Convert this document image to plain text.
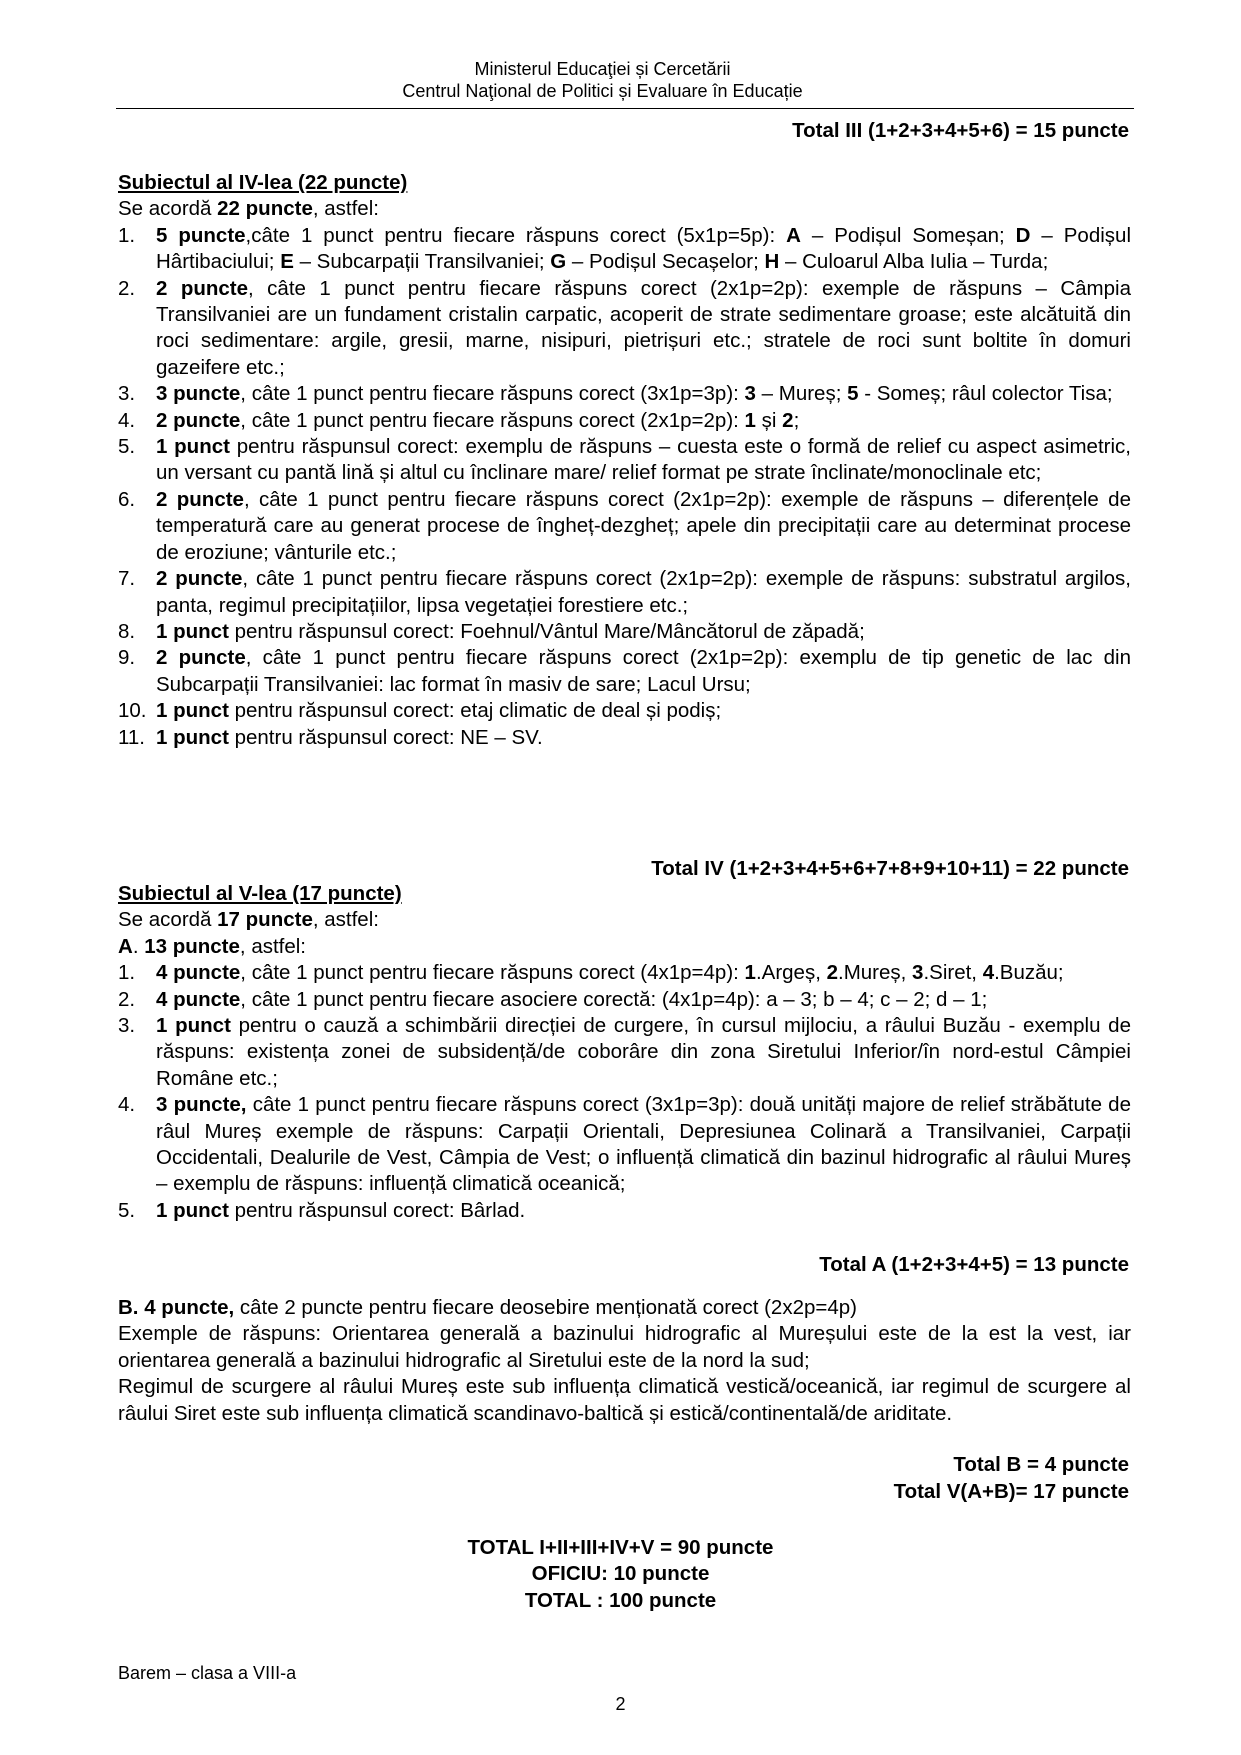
Ministerul Educaţiei și Cercetării
Centrul Naţional de Politici și Evaluare în Educație
Total III (1+2+3+4+5+6) = 15 puncte
Subiectul al IV-lea (22 puncte)
Se acordă 22 puncte, astfel:
1. 5 puncte,câte 1 punct pentru fiecare răspuns corect (5x1p=5p): A – Podișul Someșan; D – Podișul Hârtibaciului; E – Subcarpații Transilvaniei; G – Podișul Secașelor; H – Culoarul Alba Iulia – Turda;
2. 2 puncte, câte 1 punct pentru fiecare răspuns corect (2x1p=2p): exemple de răspuns – Câmpia Transilvaniei are un fundament cristalin carpatic, acoperit de strate sedimentare groase; este alcătuită din roci sedimentare: argile, gresii, marne, nisipuri, pietrișuri etc.; stratele de roci sunt boltite în domuri gazeifere etc.;
3. 3 puncte, câte 1 punct pentru fiecare răspuns corect (3x1p=3p): 3 – Mureș; 5 - Someș; râul colector Tisa;
4. 2 puncte, câte 1 punct pentru fiecare răspuns corect (2x1p=2p): 1 și 2;
5. 1 punct pentru răspunsul corect: exemplu de răspuns – cuesta este o formă de relief cu aspect asimetric, un versant cu pantă lină și altul cu înclinare mare/ relief format pe strate înclinate/monoclinale etc;
6. 2 puncte, câte 1 punct pentru fiecare răspuns corect (2x1p=2p): exemple de răspuns – diferențele de temperatură care au generat procese de îngheț-dezgheț; apele din precipitații care au determinat procese de eroziune; vânturile etc.;
7. 2 puncte, câte 1 punct pentru fiecare răspuns corect (2x1p=2p): exemple de răspuns: substratul argilos, panta, regimul precipitațiilor, lipsa vegetației forestiere etc.;
8. 1 punct pentru răspunsul corect: Foehnul/Vântul Mare/Mâncătorul de zăpadă;
9. 2 puncte, câte 1 punct pentru fiecare răspuns corect (2x1p=2p): exemplu de tip genetic de lac din Subcarpații Transilvaniei: lac format în masiv de sare; Lacul Ursu;
10. 1 punct pentru răspunsul corect: etaj climatic de deal și podiș;
11. 1 punct pentru răspunsul corect: NE – SV.
Total IV (1+2+3+4+5+6+7+8+9+10+11) = 22 puncte
Subiectul al V-lea (17 puncte)
Se acordă 17 puncte, astfel:
A. 13 puncte, astfel:
1. 4 puncte, câte 1 punct pentru fiecare răspuns corect (4x1p=4p): 1.Argeș, 2.Mureș, 3.Siret, 4.Buzău;
2. 4 puncte, câte 1 punct pentru fiecare asociere corectă: (4x1p=4p): a – 3; b – 4; c – 2; d – 1;
3. 1 punct pentru o cauză a schimbării direcției de curgere, în cursul mijlociu, a râului Buzău - exemplu de răspuns: existența zonei de subsidență/de coborâre din zona Siretului Inferior/în nord-estul Câmpiei Române etc.;
4. 3 puncte, câte 1 punct pentru fiecare răspuns corect (3x1p=3p): două unități majore de relief străbătute de râul Mureș exemple de răspuns: Carpații Orientali, Depresiunea Colinară a Transilvaniei, Carpații Occidentali, Dealurile de Vest, Câmpia de Vest; o influență climatică din bazinul hidrografic al râului Mureș – exemplu de răspuns: influență climatică oceanică;
5. 1 punct pentru răspunsul corect: Bârlad.
Total A (1+2+3+4+5) = 13 puncte
B. 4 puncte, câte 2 puncte pentru fiecare deosebire menționată corect (2x2p=4p)
Exemple de răspuns: Orientarea generală a bazinului hidrografic al Mureșului este de la est la vest, iar orientarea generală a bazinului hidrografic al Siretului este de la nord la sud;
Regimul de scurgere al râului Mureș este sub influența climatică vestică/oceanică, iar regimul de scurgere al râului Siret este sub influența climatică scandinavo-baltică și estică/continentală/de ariditate.
Total B = 4 puncte
Total V(A+B)= 17 puncte
TOTAL I+II+III+IV+V = 90 puncte
OFICIU: 10 puncte
TOTAL : 100 puncte
Barem – clasa a VIII-a
2
